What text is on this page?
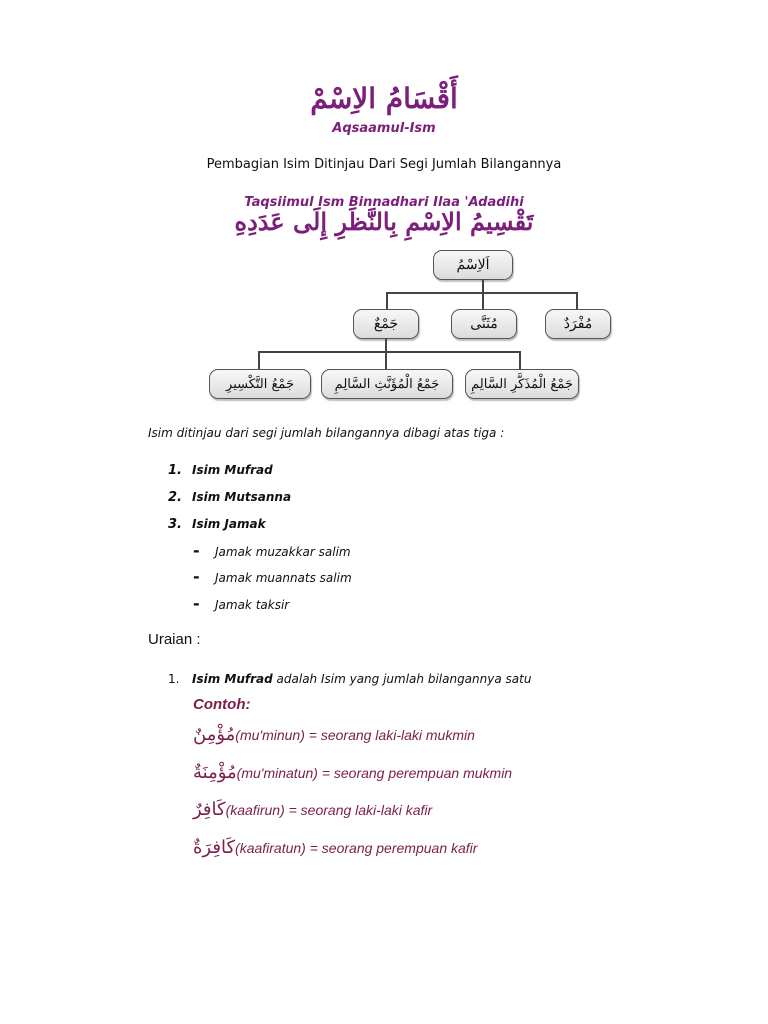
أَقْسَامُ الاِسْمْ
Aqsaamul-Ism
Pembagian Isim Ditinjau Dari Segi Jumlah Bilangannya
Taqsiimul Ism Binnadhari Ilaa 'Adadihi
تَقْسِيمُ الاِسْمِ بِالنَّظَرِ إِلَى عَدَدِهِ
اَلاِسْمُ
جَمْعٌ	مُثَنَّى	مُفْرَدٌ
جَمْعُ التَّكْسِيرِ	جَمْعُ الْمُؤَنَّثِ السَّالِمِ	جَمْعُ الْمُذَكَّرِ السَّالِمِ
Isim ditinjau dari segi jumlah bilangannya dibagi atas tiga :
1. Isim Mufrad
2. Isim Mutsanna
3. Isim Jamak
- Jamak muzakkar salim
- Jamak muannats salim
- Jamak taksir
Uraian :
1. Isim Mufrad adalah Isim yang jumlah bilangannya satu
Contoh:
مُؤْمِنٌ(mu'minun) = seorang laki-laki mukmin
مُؤْمِنَةٌ(mu'minatun) = seorang perempuan mukmin
كَافِرٌ(kaafirun) = seorang laki-laki kafir
كَافِرَةٌ(kaafiratun) = seorang perempuan kafir
